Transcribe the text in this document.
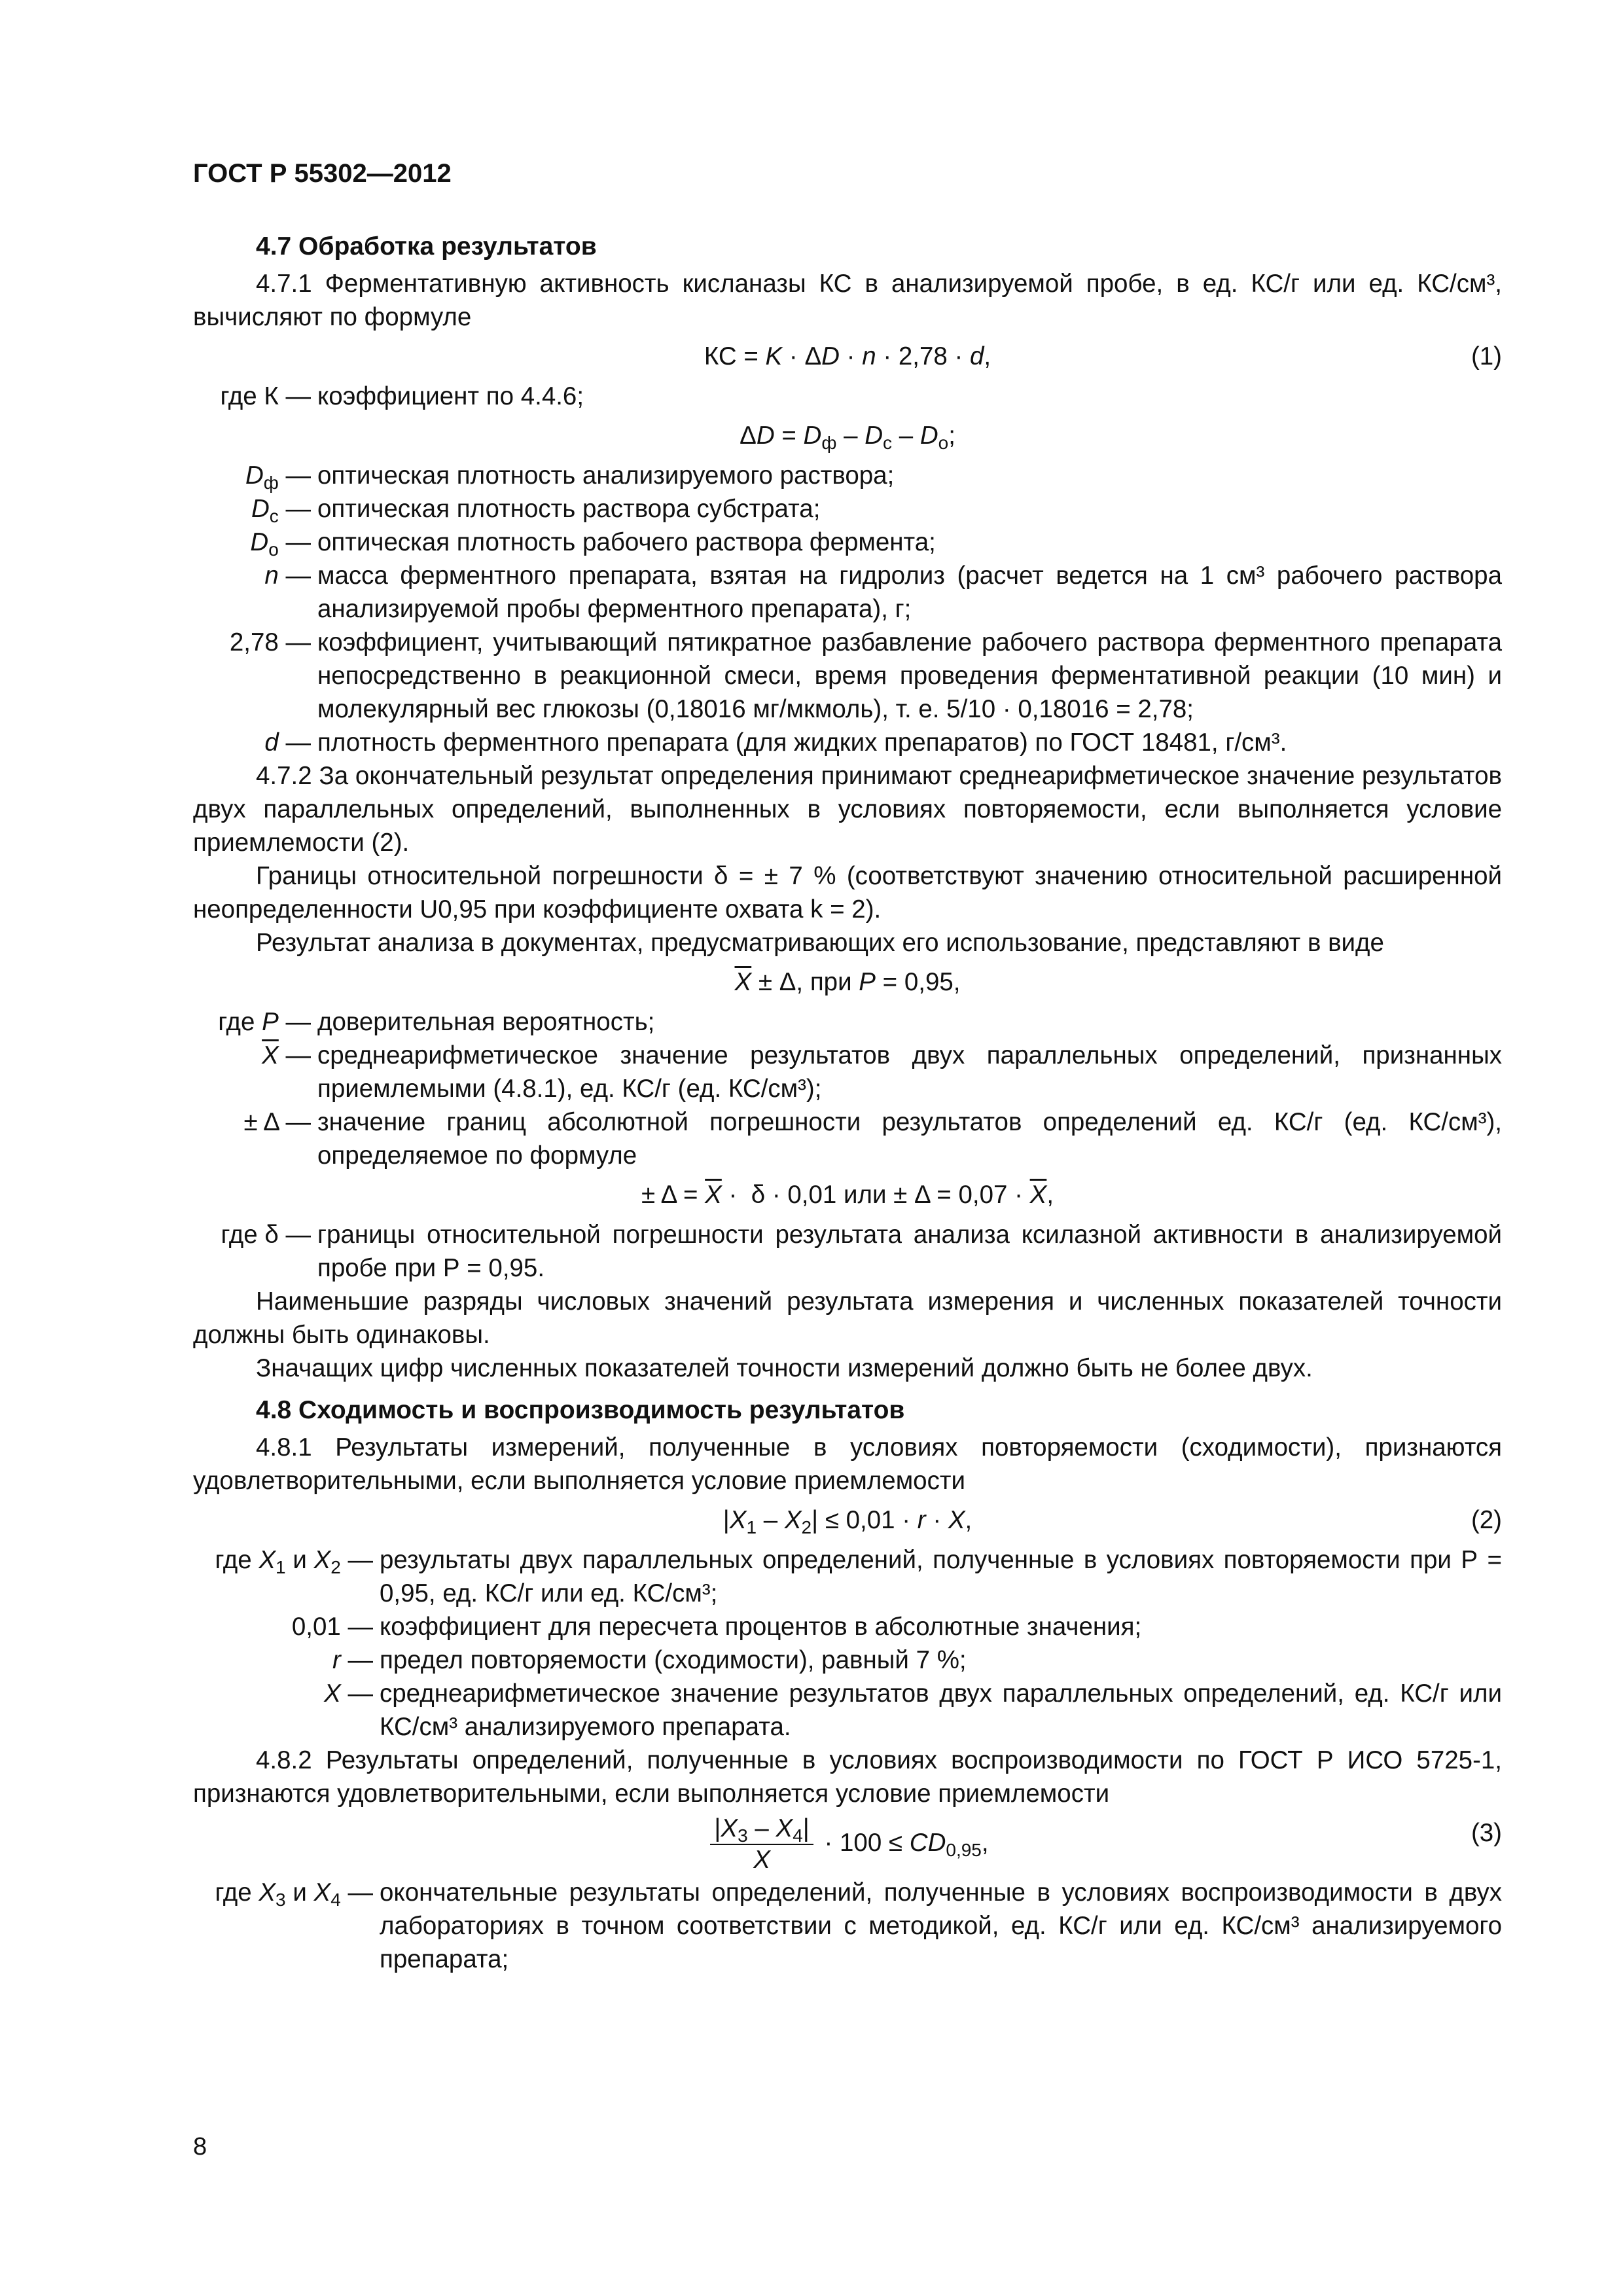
ГОСТ Р 55302—2012
4.7 Обработка результатов

4.7.1 Ферментативную активность кисланазы КС в анализируемой пробе, в ед. КС/г или ед. КС/см³, вычисляют по формуле

КС = K · ΔD · n · 2,78 · d,	(1)
где К —	коэффициент по 4.4.6;
$\Delta D = D_ф - D_с - D_о$;
$D_ф$ —	оптическая плотность анализируемого раствора;
$D_с$ —	оптическая плотность раствора субстрата;
$D_о$ —	оптическая плотность рабочего раствора фермента;
n —	масса ферментного препарата, взятая на гидролиз (расчет ведется на 1 см³ рабочего раствора анализируемой пробы ферментного препарата), г;
2,78 —	коэффициент, учитывающий пятикратное разбавление рабочего раствора ферментного препарата непосредственно в реакционной смеси, время проведения ферментативной реакции (10 мин) и молекулярный вес глюкозы (0,18016 мг/мкмоль), т. е. 5/10 · 0,18016 = 2,78;
d —	плотность ферментного препарата (для жидких препаратов) по ГОСТ 18481, г/см³.

4.7.2 За окончательный результат определения принимают среднеарифметическое значение результатов двух параллельных определений, выполненных в условиях повторяемости, если выполняется условие приемлемости (2).

Границы относительной погрешности δ = ± 7 % (соответствуют значению относительной расширенной неопределенности U0,95 при коэффициенте охвата k = 2).

Результат анализа в документах, предусматривающих его использование, представляют в виде

$\overline{X} \pm \Delta$, при P = 0,95,
где P —	доверительная вероятность;
$\overline{X}$ —	среднеарифметическое значение результатов двух параллельных определений, признанных приемлемыми (4.8.1), ед. КС/г (ед. КС/см³);
± Δ —	значение границ абсолютной погрешности результатов определений ед. КС/г (ед. КС/см³), определяемое по формуле
± $\Delta = \overline{X} \cdot \delta \cdot 0,01$ или ± $\Delta = 0,07 \cdot \overline{X}$,
где δ —	границы относительной погрешности результата анализа ксилазной активности в анализируемой пробе при Р = 0,95.

Наименьшие разряды числовых значений результата измерения и численных показателей точности должны быть одинаковы.

Значащих цифр численных показателей точности измерений должно быть не более двух.

4.8 Сходимость и воспроизводимость результатов

4.8.1 Результаты измерений, полученные в условиях повторяемости (сходимости), признаются удовлетворительными, если выполняется условие приемлемости

$|X_1 - X_2| \le 0,01 \cdot r \cdot X$,	(2)
где $X_1$ и $X_2$ —	результаты двух параллельных определений, полученные в условиях повторяемости при Р = 0,95, ед. КС/г или ед. КС/см³;
0,01 —	коэффициент для пересчета процентов в абсолютные значения;
r —	предел повторяемости (сходимости), равный 7 %;
X —	среднеарифметическое значение результатов двух параллельных определений, ед. КС/г или КС/см³ анализируемого препарата.

4.8.2 Результаты определений, полученные в условиях воспроизводимости по ГОСТ Р ИСО 5725-1, признаются удовлетворительными, если выполняется условие приемлемости

$\frac{|X_3 - X_4|}{X} \cdot 100 \le CD_{0,95}$,	(3)
где $X_3$ и $X_4$ —	окончательные результаты определений, полученные в условиях воспроизводимости в двух лабораториях в точном соответствии с методикой, ед. КС/г или ед. КС/см³ анализируемого препарата;
8
